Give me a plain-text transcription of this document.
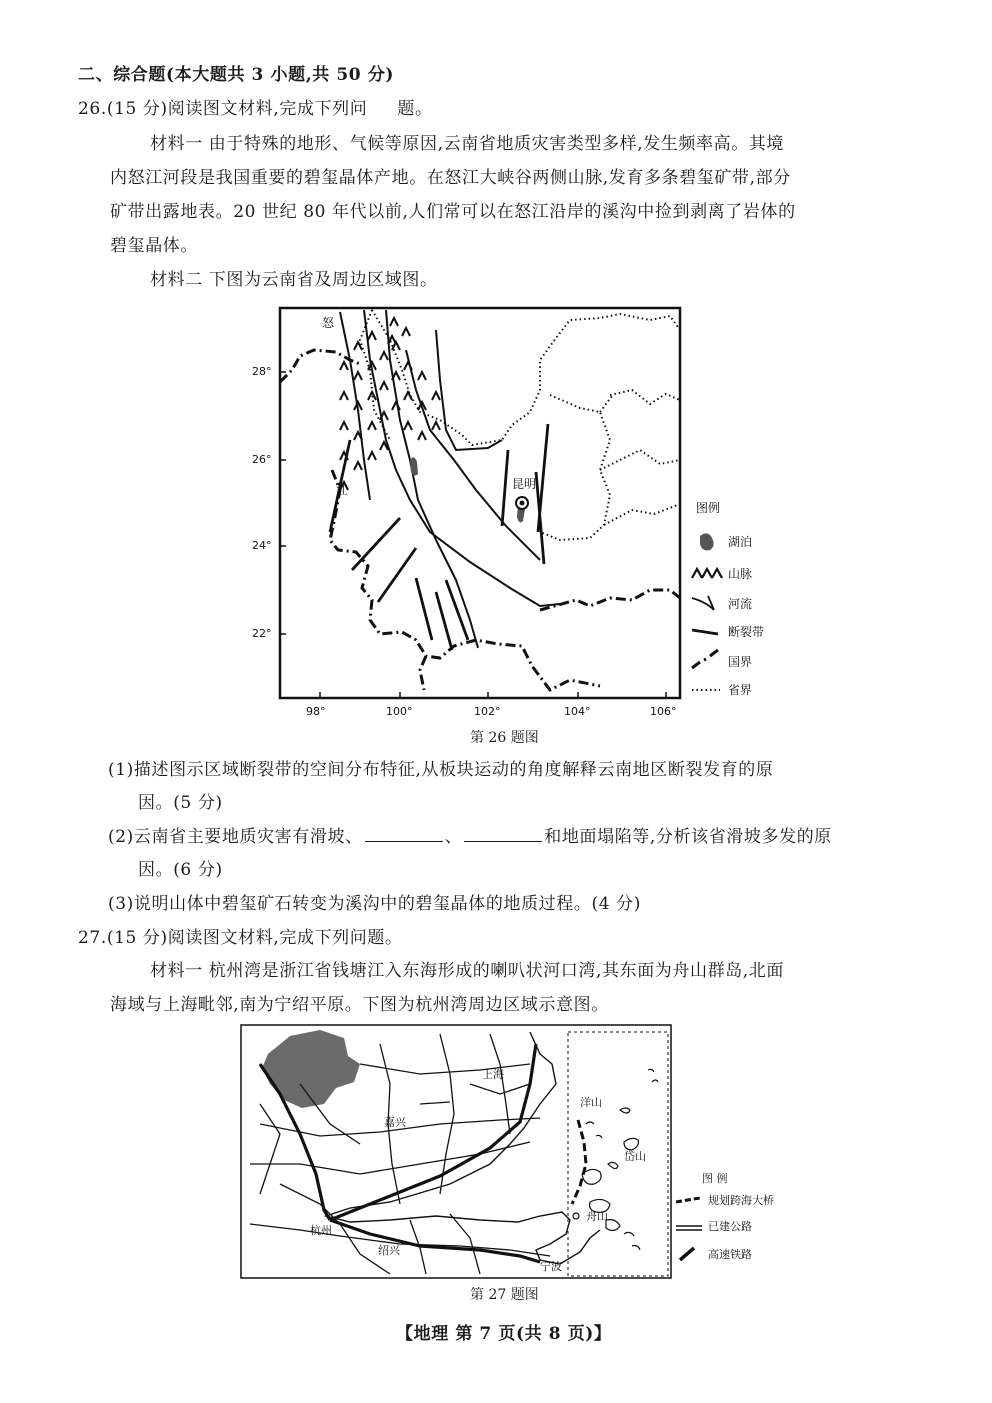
二、综合题(本大题共 3 小题,共 50 分)
26.(15 分)阅读图文材料,完成下列问 题。
材料一 由于特殊的地形、气候等原因,云南省地质灾害类型多样,发生频率高。其境
内怒江河段是我国重要的碧玺晶体产地。在怒江大峡谷两侧山脉,发育多条碧玺矿带,部分
矿带出露地表。20 世纪 80 年代以前,人们常可以在怒江沿岸的溪沟中捡到剥离了岩体的
碧玺晶体。
材料二 下图为云南省及周边区域图。
28°
26°
24°
22°
98°	100°	102°	104°	106°
怒
江	昆明
图例
湖泊
山脉
河流
断裂带
国界
省界
第 26 题图
(1)描述图示区域断裂带的空间分布特征,从板块运动的角度解释云南地区断裂发育的原
因。(5 分)
(2)云南省主要地质灾害有滑坡、	、	和地面塌陷等,分析该省滑坡多发的原
因。(6 分)
(3)说明山体中碧玺矿石转变为溪沟中的碧玺晶体的地质过程。(4 分)
27.(15 分)阅读图文材料,完成下列问题。
材料一 杭州湾是浙江省钱塘江入东海形成的喇叭状河口湾,其东面为舟山群岛,北面
海域与上海毗邻,南为宁绍平原。下图为杭州湾周边区域示意图。
上海
嘉兴
杭州
绍兴
宁波
洋山
岱山
舟山
图 例
规划跨海大桥
已建公路
高速铁路
第 27 题图
【地理 第 7 页(共 8 页)】
